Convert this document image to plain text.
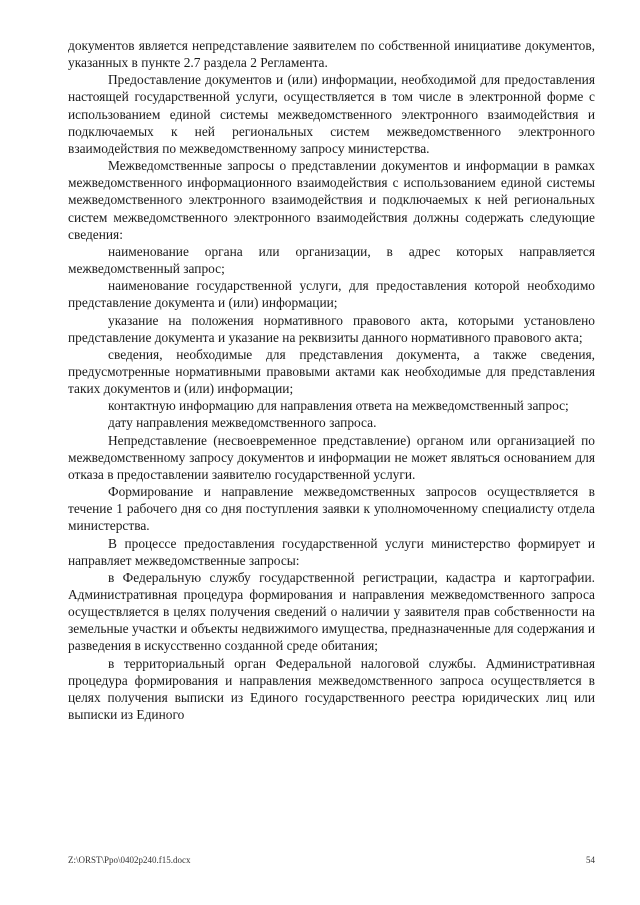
документов является непредставление заявителем по собственной инициативе документов, указанных в пункте 2.7 раздела 2 Регламента.

Предоставление документов и (или) информации, необходимой для предоставления настоящей государственной услуги, осуществляется в том числе в электронной форме с использованием единой системы межведомственного электронного взаимодействия и подключаемых к ней региональных систем межведомственного электронного взаимодействия по межведомственному запросу министерства.

Межведомственные запросы о представлении документов и информации в рамках межведомственного информационного взаимодействия с использованием единой системы межведомственного электронного взаимодействия и подключаемых к ней региональных систем межведомственного электронного взаимодействия должны содержать следующие сведения:

наименование органа или организации, в адрес которых направляется межведомственный запрос;

наименование государственной услуги, для предоставления которой необходимо представление документа и (или) информации;

указание на положения нормативного правового акта, которыми установлено представление документа и указание на реквизиты данного нормативного правового акта;

сведения, необходимые для представления документа, а также сведения, предусмотренные нормативными правовыми актами как необходимые для представления таких документов и (или) информации;

контактную информацию для направления ответа на межведомственный запрос;

дату направления межведомственного запроса.

Непредставление (несвоевременное представление) органом или организацией по межведомственному запросу документов и информации не может являться основанием для отказа в предоставлении заявителю государственной услуги.

Формирование и направление межведомственных запросов осуществляется в течение 1 рабочего дня со дня поступления заявки к уполномоченному специалисту отдела министерства.

В процессе предоставления государственной услуги министерство формирует и направляет межведомственные запросы:

в Федеральную службу государственной регистрации, кадастра и картографии. Административная процедура формирования и направления межведомственного запроса осуществляется в целях получения сведений о наличии у заявителя прав собственности на земельные участки и объекты недвижимого имущества, предназначенные для содержания и разведения в искусственно созданной среде обитания;

в территориальный орган Федеральной налоговой службы. Административная процедура формирования и направления межведомственного запроса осуществляется в целях получения выписки из Единого государственного реестра юридических лиц или выписки из Единого

Z:\ORST\Ppo\0402p240.f15.docx	54
